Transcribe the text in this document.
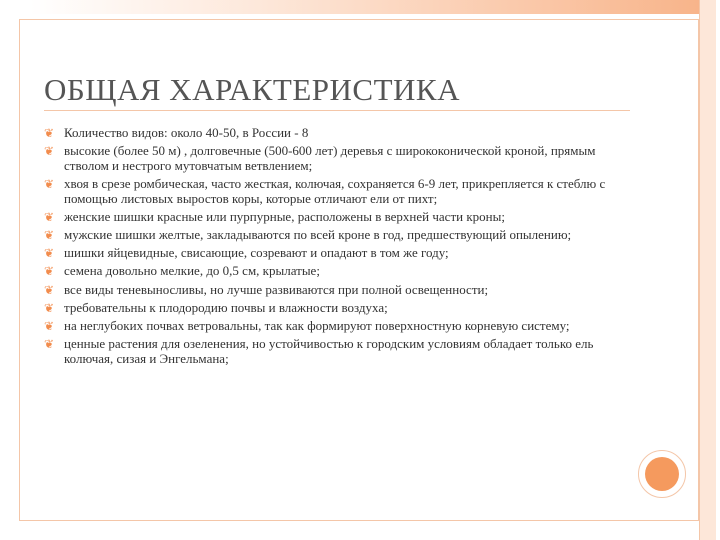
ОБЩАЯ ХАРАКТЕРИСТИКА
❦ Количество видов: около 40-50, в России - 8
❦ высокие (более 50 м) , долговечные (500-600 лет) деревья с ширококонической кроной, прямым стволом и нестрого мутовчатым ветвлением;
❦ хвоя в срезе ромбическая, часто жесткая, колючая, сохраняется 6-9 лет, прикрепляется к стеблю с помощью листовых выростов коры, которые отличают ели от пихт;
❦ женские шишки красные или пурпурные, расположены в верхней части кроны;
❦ мужские шишки желтые, закладываются по всей кроне в год, предшествующий опылению;
❦ шишки яйцевидные, свисающие, созревают и опадают в том же году;
❦ семена довольно мелкие, до 0,5 см, крылатые;
❦ все виды теневыносливы, но лучше развиваются при полной освещенности;
❦ требовательны к плодородию почвы и влажности воздуха;
❦ на неглубоких почвах ветровальны, так как формируют поверхностную корневую систему;
❦ ценные растения для озеленения, но устойчивостью к городским условиям обладает только ель колючая, сизая и Энгельмана;
